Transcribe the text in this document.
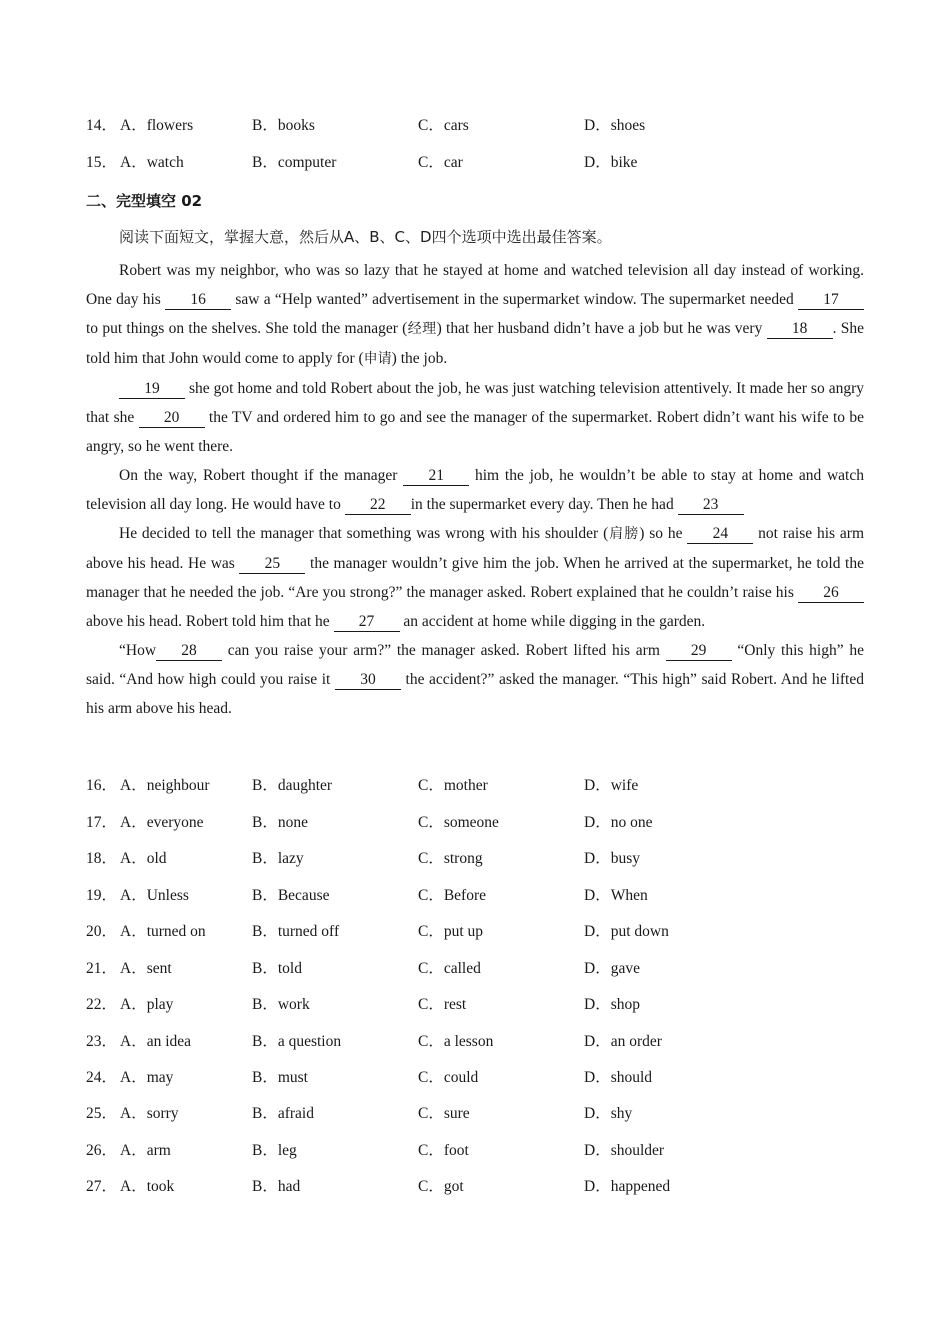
14． A．flowers	B．books	C．cars	D．shoes
15． A．watch	B．computer	C．car	D．bike
二、完型填空 02
阅读下面短文，掌握大意，然后从A、B、C、D四个选项中选出最佳答案。

Robert was my neighbor, who was so lazy that he stayed at home and watched television all day instead of working. One day his 16 saw a “Help wanted” advertisement in the supermarket window. The supermarket needed 17 to put things on the shelves. She told the manager (经理) that her husband didn’t have a job but he was very 18 . She told him that John would come to apply for (申请) the job.

19 she got home and told Robert about the job, he was just watching television attentively. It made her so angry that she 20 the TV and ordered him to go and see the manager of the supermarket. Robert didn’t want his wife to be angry, so he went there.

On the way, Robert thought if the manager 21 him the job, he wouldn’t be able to stay at home and watch television all day long. He would have to 22 in the supermarket every day. Then he had 23

He decided to tell the manager that something was wrong with his shoulder (肩膀) so he 24 not raise his arm above his head. He was 25 the manager wouldn’t give him the job. When he arrived at the supermarket, he told the manager that he needed the job. “Are you strong?” the manager asked. Robert explained that he couldn’t raise his 26 above his head. Robert told him that he 27 an accident at home while digging in the garden.

“How 28 can you raise your arm?” the manager asked. Robert lifted his arm 29 “Only this high” he said. “And how high could you raise it 30 the accident?” asked the manager. “This high” said Robert. And he lifted his arm above his head.

16． A．neighbour	B．daughter	C．mother	D．wife
17． A．everyone	B．none	C．someone	D．no one
18． A．old	B．lazy	C．strong	D．busy
19． A．Unless	B．Because	C．Before	D．When
20． A．turned on	B．turned off	C．put up	D．put down
21． A．sent	B．told	C．called	D．gave
22． A．play	B．work	C．rest	D．shop
23． A．an idea	B．a question	C．a lesson	D．an order
24． A．may	B．must	C．could	D．should
25． A．sorry	B．afraid	C．sure	D．shy
26． A．arm	B．leg	C．foot	D．shoulder
27． A．took	B．had	C．got	D．happened
